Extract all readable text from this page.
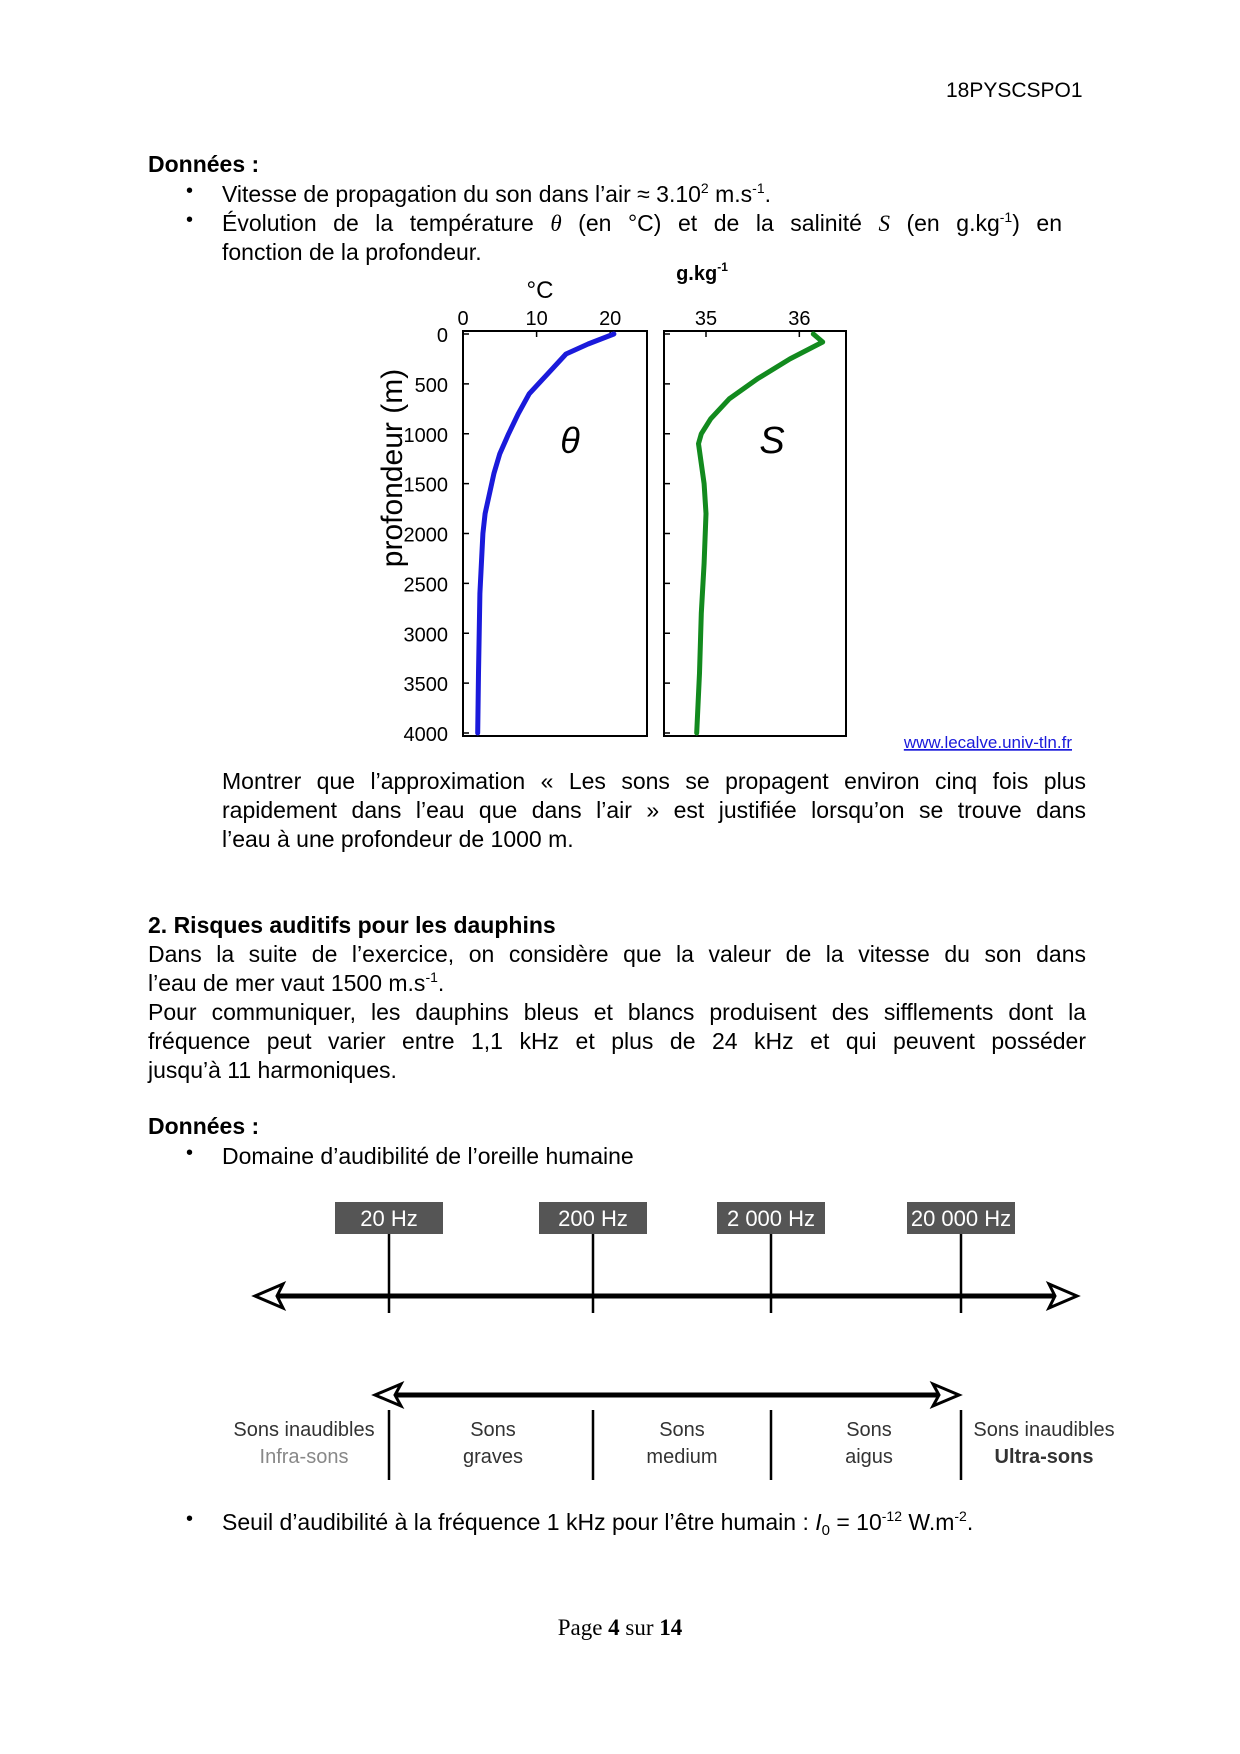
18PYSCSPO1
Données :
• Vitesse de propagation du son dans l’air ≈ $3.10^2$ $m.s^{-1}$.
• Évolution de la température θ (en °C) et de la salinité S (en $g.kg^{-1}$) en
fonction de la profondeur.
°C
$g.kg^{-1}$
profondeur (m)
0	10	20	35	36
0
500
1000
1500
2000
2500
3000
3500
4000
θ	S
www.lecalve.univ-tln.fr
Montrer que l’approximation « Les sons se propagent environ cinq fois plus
rapidement dans l’eau que dans l’air » est justifiée lorsqu’on se trouve dans
l’eau à une profondeur de 1000 m.
2. Risques auditifs pour les dauphins
Dans la suite de l’exercice, on considère que la valeur de la vitesse du son dans
l’eau de mer vaut 1500 $m.s^{-1}$.
Pour communiquer, les dauphins bleus et blancs produisent des sifflements dont la
fréquence peut varier entre 1,1 kHz et plus de 24 kHz et qui peuvent posséder
jusqu’à 11 harmoniques.
Données :
• Domaine d’audibilité de l’oreille humaine
20 Hz	200 Hz	2 000 Hz	20 000 Hz
Sons inaudibles
Infra-sons
Sons
graves
Sons
medium
Sons
aigus
Sons inaudibles
Ultra-sons
• Seuil d’audibilité à la fréquence 1 kHz pour l’être humain : $I_0 = 10^{-12}$ $W.m^{-2}$.
Page 4 sur 14
